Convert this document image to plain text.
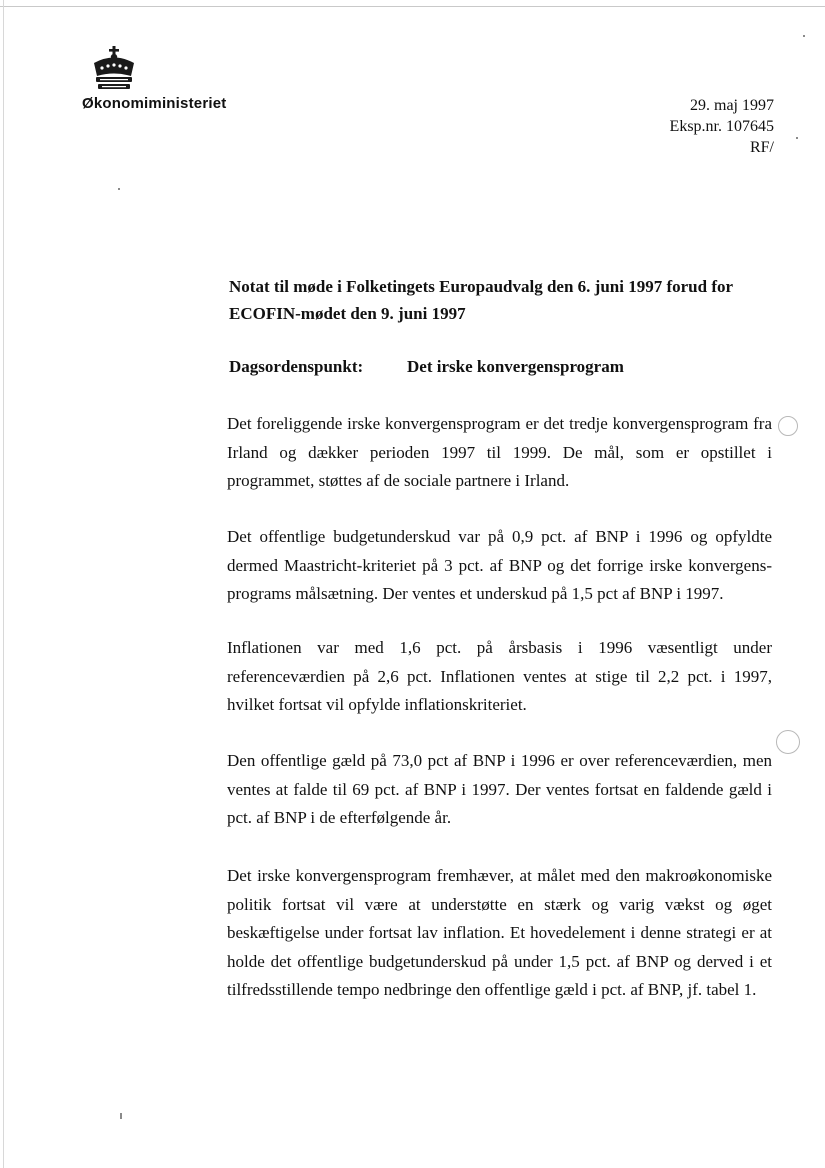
Økonomiministeriet	29. maj 1997
Eksp.nr. 107645
RF/
Notat til møde i Folketingets Europaudvalg den 6. juni 1997 forud for ECOFIN-mødet den 9. juni 1997
Dagsordenspunkt:	Det irske konvergensprogram

Det foreliggende irske konvergensprogram er det tredje konvergensprogram fra Irland og dækker perioden 1997 til 1999. De mål, som er opstillet i programmet, støttes af de sociale partnere i Irland.

Det offentlige budgetunderskud var på 0,9 pct. af BNP i 1996 og opfyldte dermed Maastricht-kriteriet på 3 pct. af BNP og det forrige irske konvergens-programs målsætning. Der ventes et underskud på 1,5 pct af BNP i 1997.

Inflationen var med 1,6 pct. på årsbasis i 1996 væsentligt under referenceværdien på 2,6 pct. Inflationen ventes at stige til 2,2 pct. i 1997, hvilket fortsat vil opfylde inflationskriteriet.

Den offentlige gæld på 73,0 pct af BNP i 1996 er over referenceværdien, men ventes at falde til 69 pct. af BNP i 1997. Der ventes fortsat en faldende gæld i pct. af BNP i de efterfølgende år.

Det irske konvergensprogram fremhæver, at målet med den makroøkonomiske politik fortsat vil være at understøtte en stærk og varig vækst og øget beskæftigelse under fortsat lav inflation. Et hovedelement i denne strategi er at holde det offentlige budgetunderskud på under 1,5 pct. af BNP og derved i et tilfredsstillende tempo nedbringe den offentlige gæld i pct. af BNP, jf. tabel 1.
